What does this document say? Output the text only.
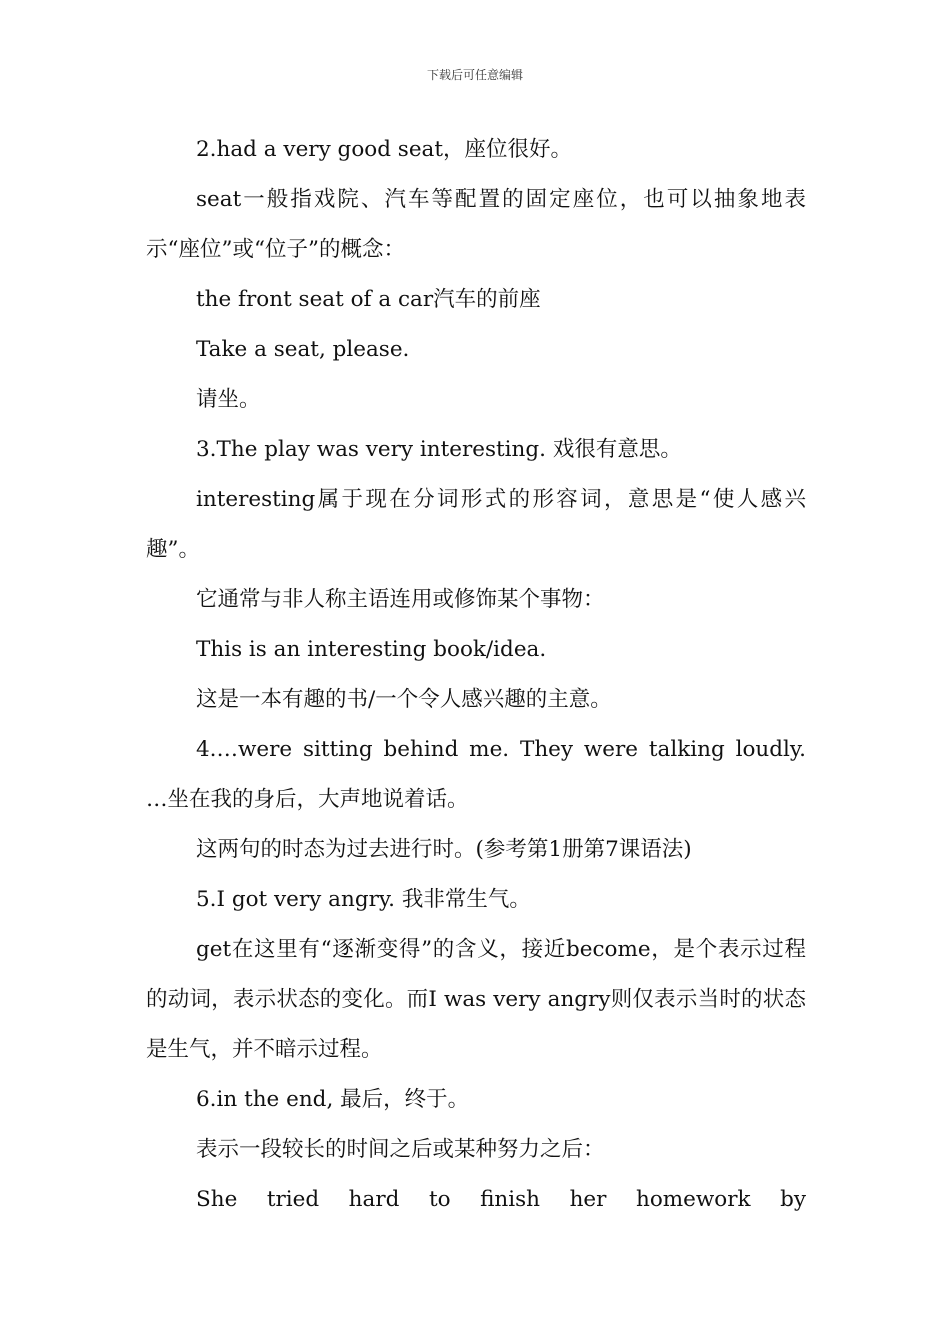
下载后可任意编辑

2.had a very good seat，座位很好。

seat一般指戏院、汽车等配置的固定座位，也可以抽象地表示“座位”或“位子”的概念：

the front seat of a car汽车的前座

Take a seat, please.

请坐。

3.The play was very interesting. 戏很有意思。

interesting属于现在分词形式的形容词，意思是“使人感兴趣”。

它通常与非人称主语连用或修饰某个事物：

This is an interesting book/idea.

这是一本有趣的书/一个令人感兴趣的主意。

4.…were sitting behind me. They were talking loudly. …坐在我的身后，大声地说着话。

这两句的时态为过去进行时。(参考第1册第7课语法)

5.I got very angry. 我非常生气。

get在这里有“逐渐变得”的含义，接近become，是个表示过程的动词，表示状态的变化。而I was very angry则仅表示当时的状态是生气，并不暗示过程。

6.in the end, 最后，终于。

表示一段较长的时间之后或某种努力之后：

She tried hard to finish her homework by
